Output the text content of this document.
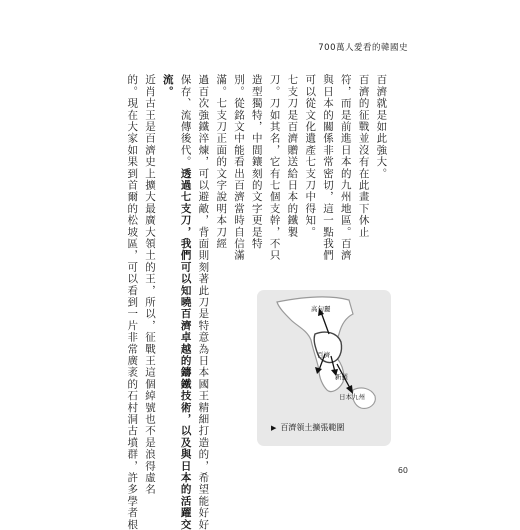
700萬人愛看的韓國史
百濟就是如此強大。
百濟的征戰並沒有在此畫下休止
符，而是前進日本的九州地區。百濟
與日本的關係非常密切，這一點我們
可以從文化遺產七支刀中得知。
七支刀是百濟贈送給日本的鐵製
刀。刀如其名，它有七個支幹，不只
造型獨特，中間鑲刻的文字更是特
別。從銘文中能看出百濟當時自信滿
滿。七支刀正面的文字說明本刀經
過百次強鐵淬煉，可以避敵，背面則刻著此刀是特意為日本國王精細打造的，希望能好好
保存、流傳後代。透過七支刀，我們可以知曉百濟卓越的鑄鐵技術，以及與日本的活躍交
流。
近肖古王是百濟史上擴大最廣大領土的王，所以，征戰王這個綽號也不是浪得虛名
的。現在大家如果到首爾的松坡區，可以看到一片非常廣袤的石村洞古墳群，許多學者根	高句麗
百濟
新羅
日本九州
▶ 百濟領土擴張範圍
60
